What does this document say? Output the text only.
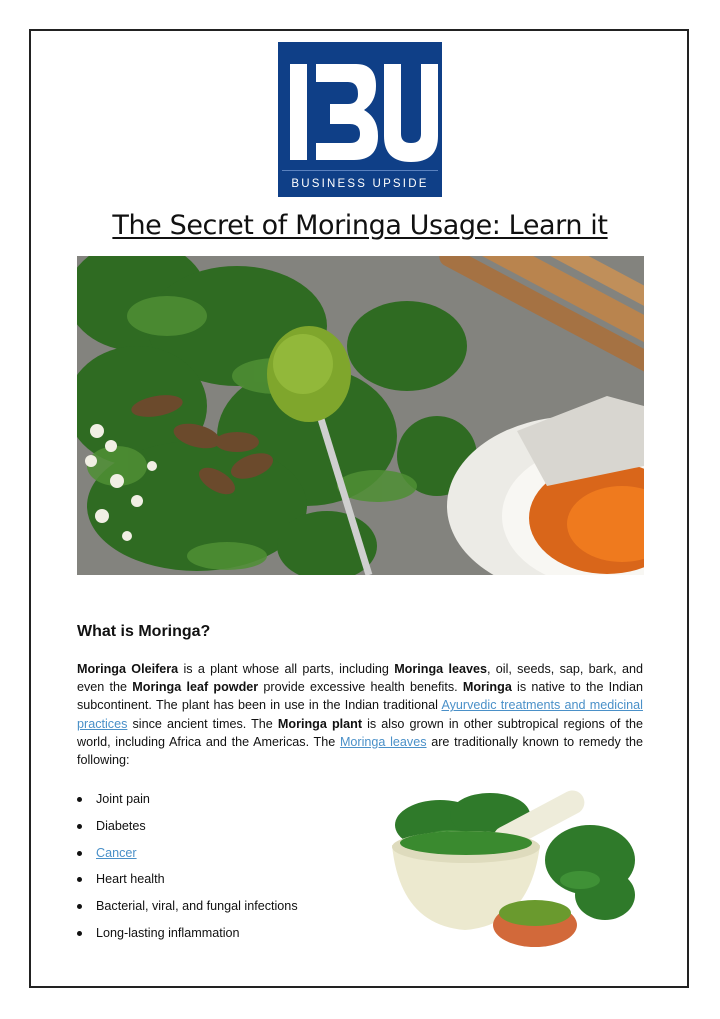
BUSINESS UPSIDE
The Secret of Moringa Usage: Learn it
What is Moringa?

Moringa Oleifera is a plant whose all parts, including Moringa leaves, oil, seeds, sap, bark, and even the Moringa leaf powder provide excessive health benefits. Moringa is native to the Indian subcontinent. The plant has been in use in the Indian traditional Ayurvedic treatments and medicinal practices since ancient times. The Moringa plant is also grown in other subtropical regions of the world, including Africa and the Americas. The Moringa leaves are traditionally known to remedy the following:

Joint pain
Diabetes
Cancer
Heart health
Bacterial, viral, and fungal infections
Long-lasting inflammation
